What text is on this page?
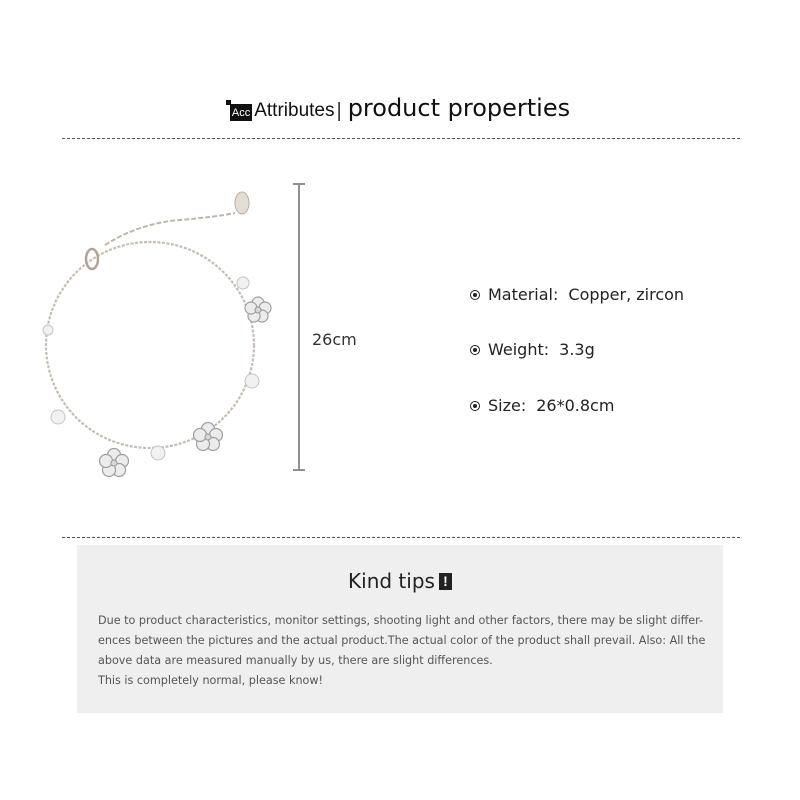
Acc Attributes | product properties
26cm
Material: Copper, zircon
Weight: 3.3g
Size: 26*0.8cm
Kind tips !

Due to product characteristics, monitor settings, shooting light and other factors, there may be slight differ-

ences between the pictures and the actual product.The actual color of the product shall prevail. Also: All the

above data are measured manually by us, there are slight differences.

This is completely normal, please know!
